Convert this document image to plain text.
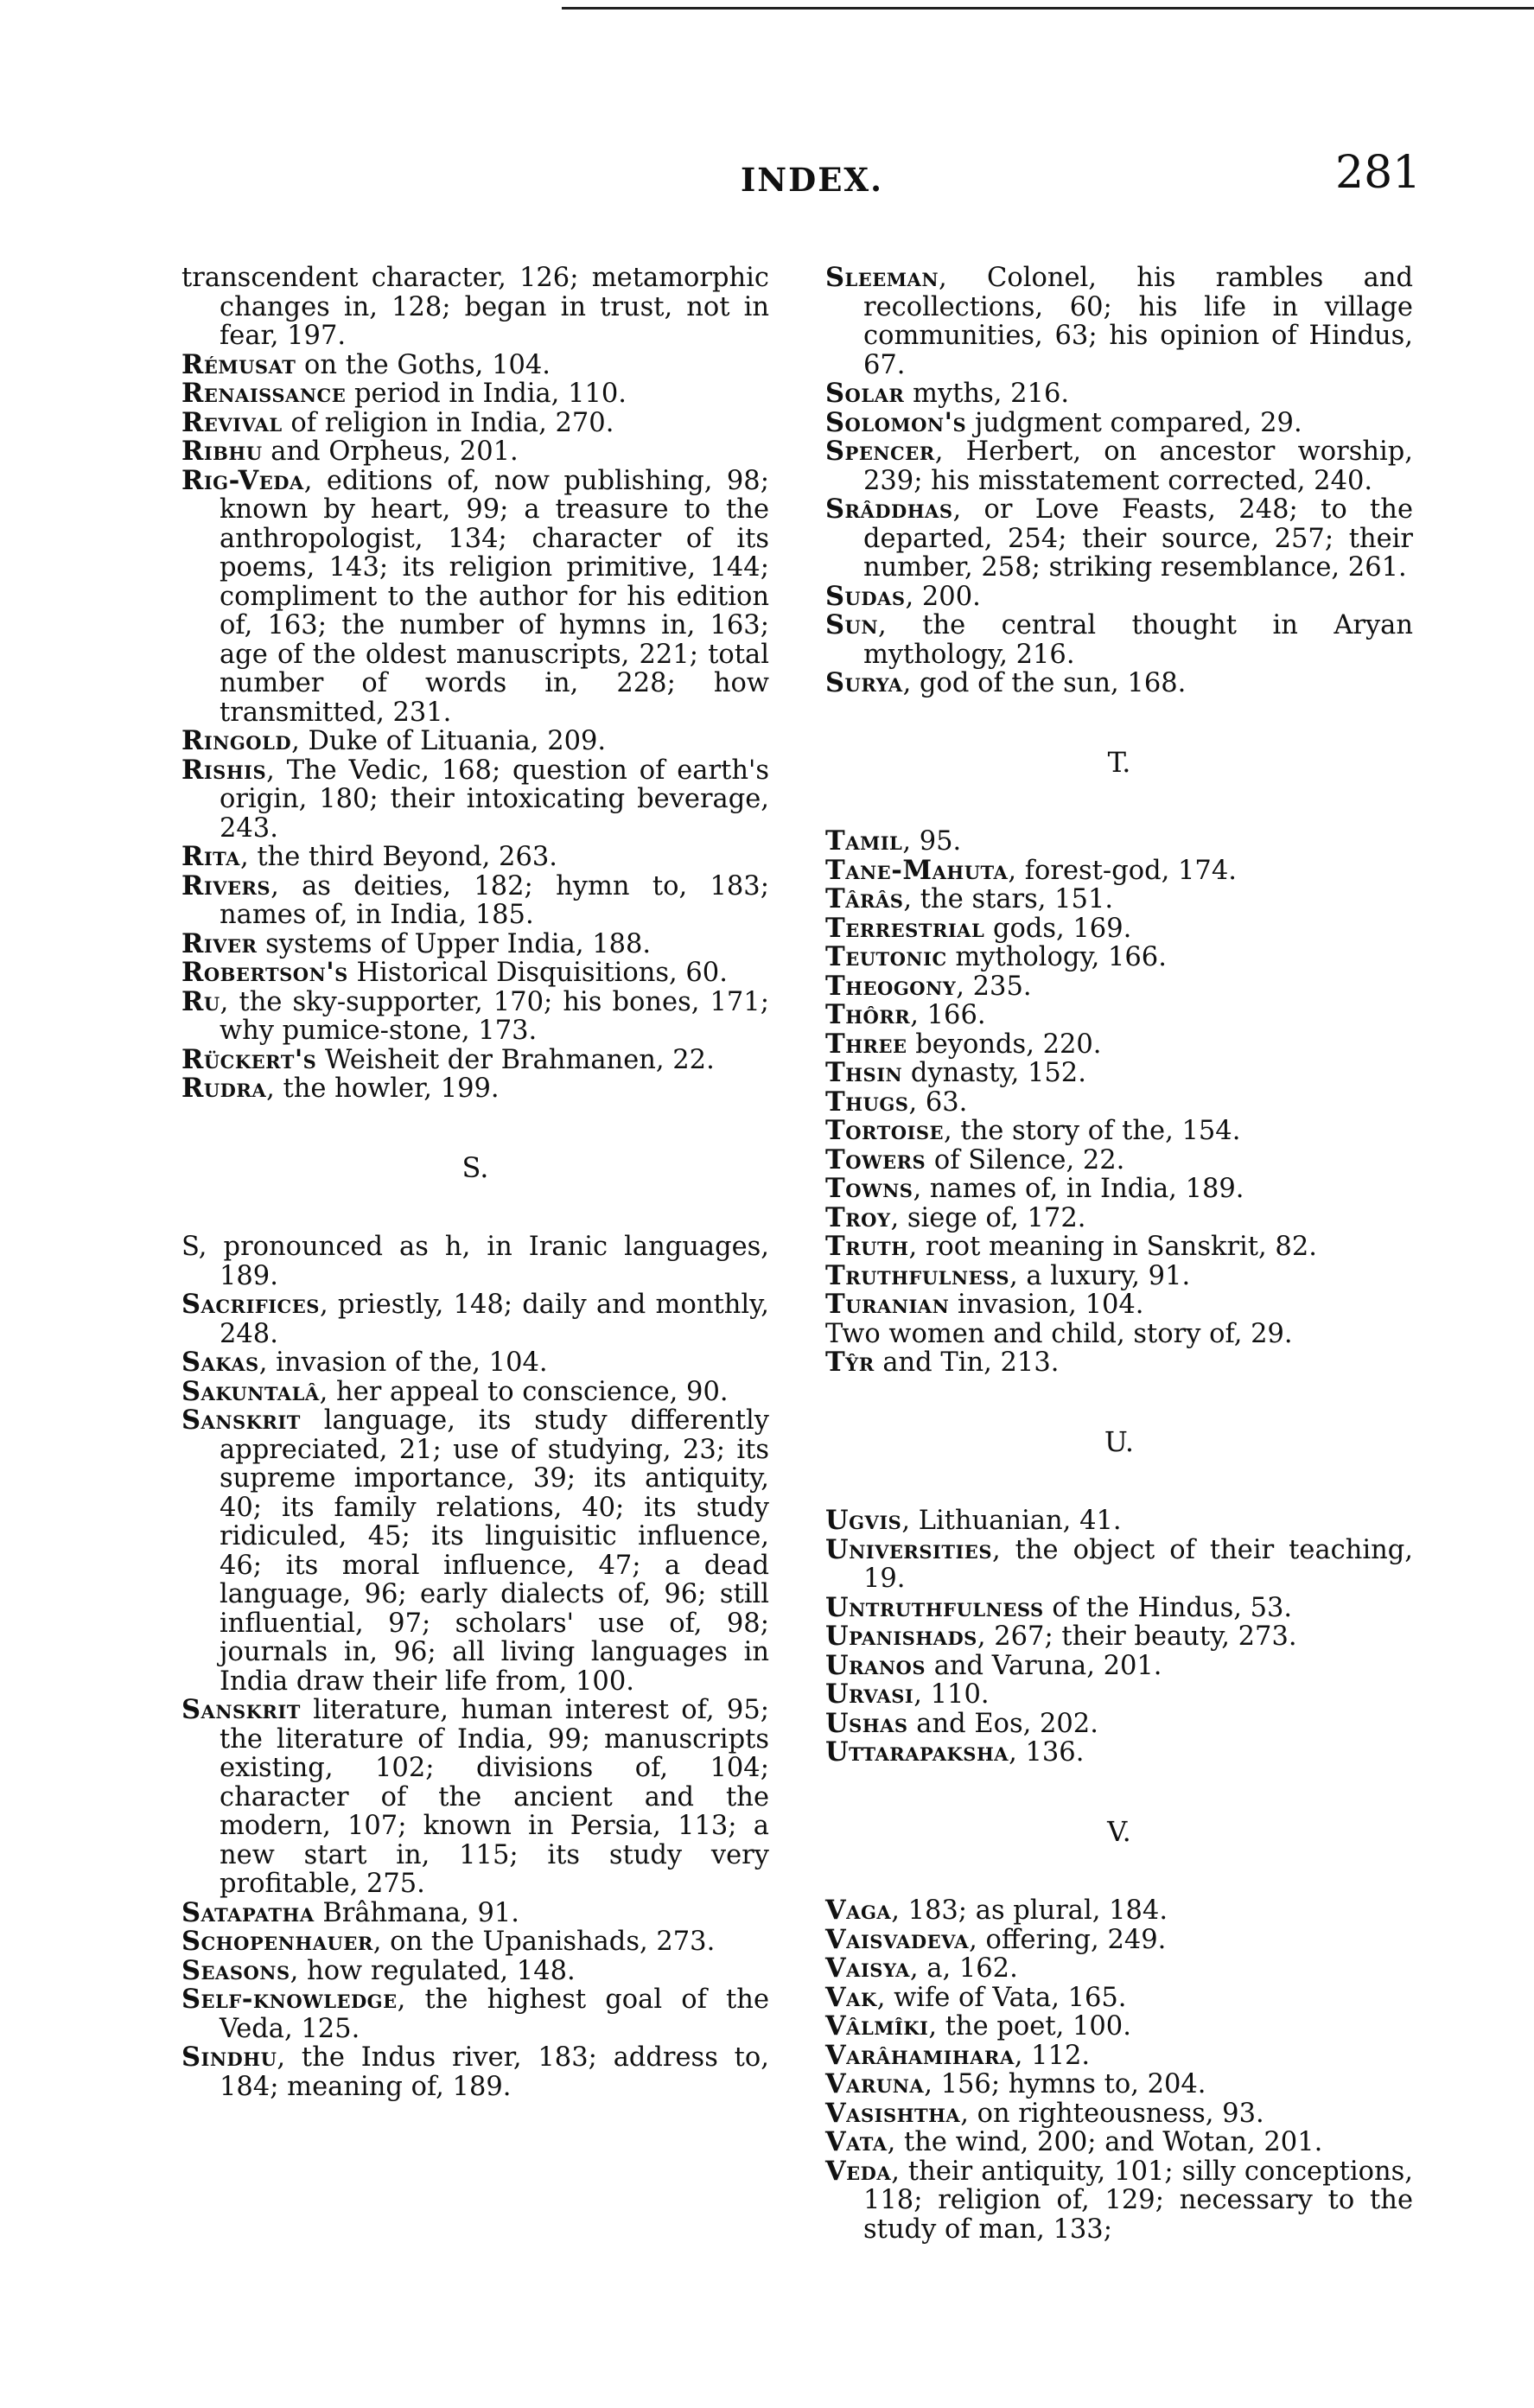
INDEX.	281
transcendent character, 126; metamorphic changes in, 128; began in trust, not in fear, 197.
Rémusat on the Goths, 104.
Renaissance period in India, 110.
Revival of religion in India, 270.
Ribhu and Orpheus, 201.
Rig-Veda, editions of, now publishing, 98; known by heart, 99; a treasure to the anthropologist, 134; character of its poems, 143; its religion primitive, 144; compliment to the author for his edition of, 163; the number of hymns in, 163; age of the oldest manuscripts, 221; total number of words in, 228; how transmitted, 231.
Ringold, Duke of Lituania, 209.
Rishis, The Vedic, 168; question of earth's origin, 180; their intoxicating beverage, 243.
Rita, the third Beyond, 263.
Rivers, as deities, 182; hymn to, 183; names of, in India, 185.
River systems of Upper India, 188.
Robertson's Historical Disquisitions, 60.
Ru, the sky-supporter, 170; his bones, 171; why pumice-stone, 173.
Rückert's Weisheit der Brahmanen, 22.
Rudra, the howler, 199.
S.
S, pronounced as h, in Iranic languages, 189.
Sacrifices, priestly, 148; daily and monthly, 248.
Sakas, invasion of the, 104.
Sakuntalâ, her appeal to conscience, 90.
Sanskrit language, its study differently appreciated, 21; use of studying, 23; its supreme importance, 39; its antiquity, 40; its family relations, 40; its study ridiculed, 45; its linguisitic influence, 46; its moral influence, 47; a dead language, 96; early dialects of, 96; still influential, 97; scholars' use of, 98; journals in, 96; all living languages in India draw their life from, 100.
Sanskrit literature, human interest of, 95; the literature of India, 99; manuscripts existing, 102; divisions of, 104; character of the ancient and the modern, 107; known in Persia, 113; a new start in, 115; its study very profitable, 275.
Satapatha Brâhmana, 91.
Schopenhauer, on the Upanishads, 273.
Seasons, how regulated, 148.
Self-knowledge, the highest goal of the Veda, 125.
Sindhu, the Indus river, 183; address to, 184; meaning of, 189.
Sleeman, Colonel, his rambles and recollections, 60; his life in village communities, 63; his opinion of Hindus, 67.
Solar myths, 216.
Solomon's judgment compared, 29.
Spencer, Herbert, on ancestor worship, 239; his misstatement corrected, 240.
Srâddhas, or Love Feasts, 248; to the departed, 254; their source, 257; their number, 258; striking resemblance, 261.
Sudas, 200.
Sun, the central thought in Aryan mythology, 216.
Surya, god of the sun, 168.
T.
Tamil, 95.
Tane-Mahuta, forest-god, 174.
Târâs, the stars, 151.
Terrestrial gods, 169.
Teutonic mythology, 166.
Theogony, 235.
Thôrr, 166.
Three beyonds, 220.
Thsin dynasty, 152.
Thugs, 63.
Tortoise, the story of the, 154.
Towers of Silence, 22.
Towns, names of, in India, 189.
Troy, siege of, 172.
Truth, root meaning in Sanskrit, 82.
Truthfulness, a luxury, 91.
Turanian invasion, 104.
Two women and child, story of, 29.
Tŷr and Tin, 213.
U.
Ugvis, Lithuanian, 41.
Universities, the object of their teaching, 19.
Untruthfulness of the Hindus, 53.
Upanishads, 267; their beauty, 273.
Uranos and Varuna, 201.
Urvasi, 110.
Ushas and Eos, 202.
Uttarapaksha, 136.
V.
Vaga, 183; as plural, 184.
Vaisvadeva, offering, 249.
Vaisya, a, 162.
Vak, wife of Vata, 165.
Vâlmîki, the poet, 100.
Varâhamihara, 112.
Varuna, 156; hymns to, 204.
Vasishtha, on righteousness, 93.
Vata, the wind, 200; and Wotan, 201.
Veda, their antiquity, 101; silly conceptions, 118; religion of, 129; necessary to the study of man, 133;
